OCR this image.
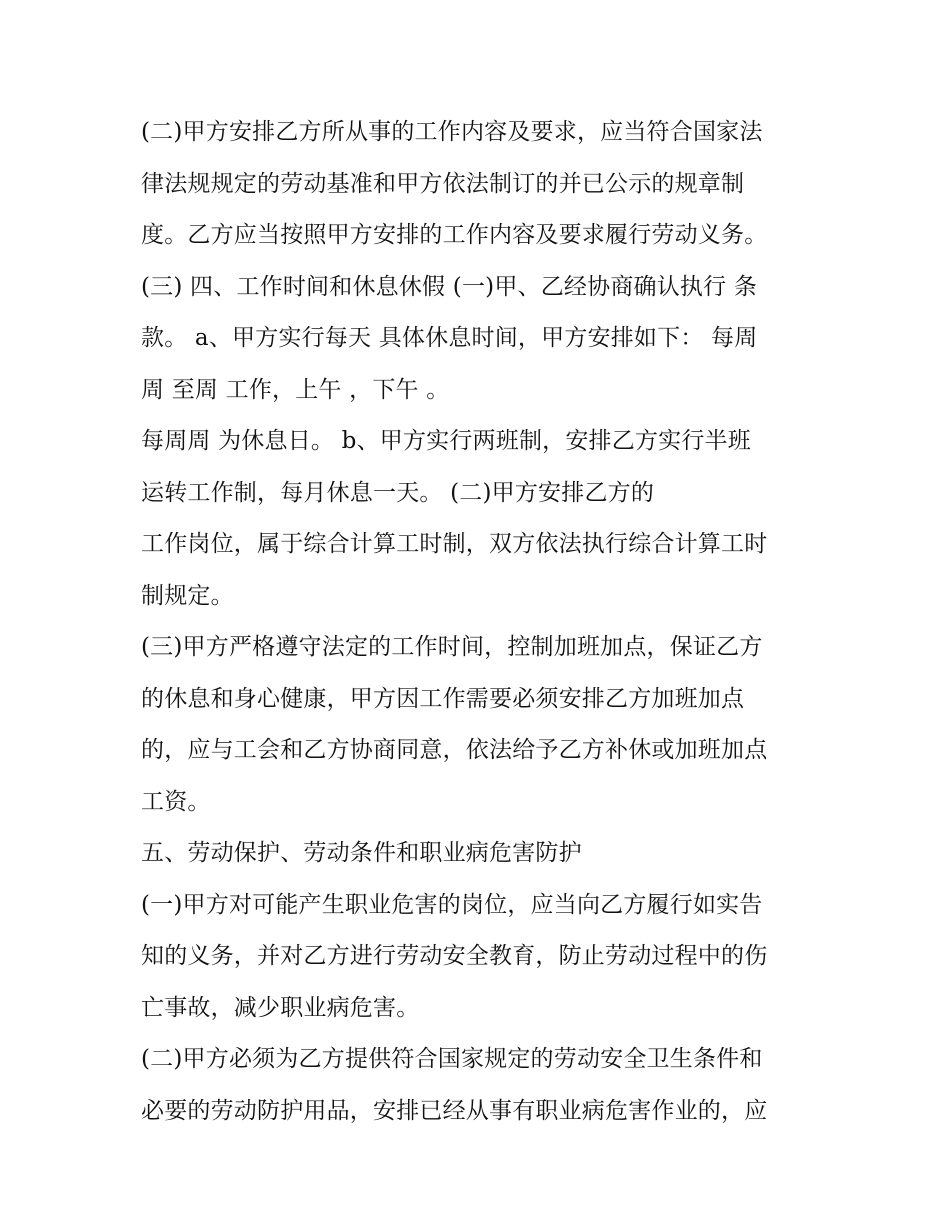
(二)甲方安排乙方所从事的工作内容及要求，应当符合国家法
律法规规定的劳动基准和甲方依法制订的并已公示的规章制
度。乙方应当按照甲方安排的工作内容及要求履行劳动义务。
(三) 四、工作时间和休息休假 (一)甲、乙经协商确认执行 条
款。 a、甲方实行每天 具体休息时间，甲方安排如下： 每周
周 至周 工作，上午 ，下午 。
每周周 为休息日。 b、甲方实行两班制，安排乙方实行半班
运转工作制，每月休息一天。 (二)甲方安排乙方的
工作岗位，属于综合计算工时制，双方依法执行综合计算工时
制规定。
(三)甲方严格遵守法定的工作时间，控制加班加点，保证乙方
的休息和身心健康，甲方因工作需要必须安排乙方加班加点
的，应与工会和乙方协商同意，依法给予乙方补休或加班加点
工资。
五、劳动保护、劳动条件和职业病危害防护
(一)甲方对可能产生职业危害的岗位，应当向乙方履行如实告
知的义务，并对乙方进行劳动安全教育，防止劳动过程中的伤
亡事故，减少职业病危害。
(二)甲方必须为乙方提供符合国家规定的劳动安全卫生条件和
必要的劳动防护用品，安排已经从事有职业病危害作业的，应
